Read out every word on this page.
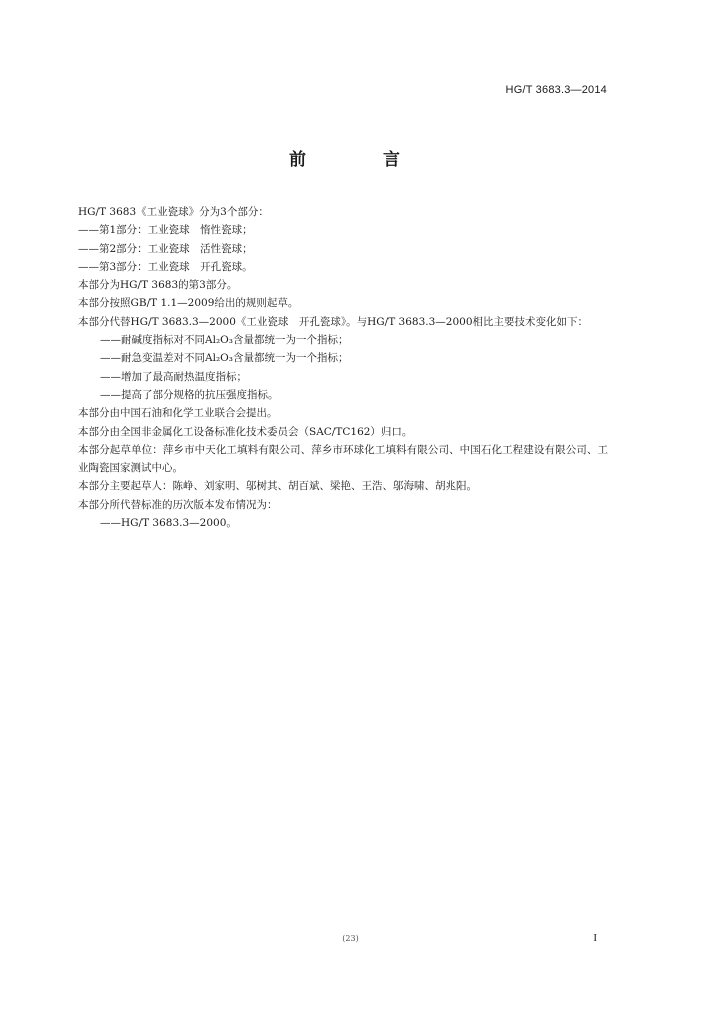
HG/T 3683.3—2014
前　言

HG/T 3683《工业瓷球》分为3个部分：

——第1部分：工业瓷球　惰性瓷球；

——第2部分：工业瓷球　活性瓷球；

——第3部分：工业瓷球　开孔瓷球。

本部分为HG/T 3683的第3部分。

本部分按照GB/T 1.1—2009给出的规则起草。

本部分代替HG/T 3683.3—2000《工业瓷球　开孔瓷球》。与HG/T 3683.3—2000相比主要技术变化如下：

——耐碱度指标对不同Al₂O₃含量都统一为一个指标；

——耐急变温差对不同Al₂O₃含量都统一为一个指标；

——增加了最高耐热温度指标；

——提高了部分规格的抗压强度指标。

本部分由中国石油和化学工业联合会提出。

本部分由全国非金属化工设备标准化技术委员会（SAC/TC162）归口。

本部分起草单位：萍乡市中天化工填料有限公司、萍乡市环球化工填料有限公司、中国石化工程建设有限公司、工业陶瓷国家测试中心。

本部分主要起草人：陈峥、刘家明、邬树其、胡百斌、梁艳、王浩、邬海啸、胡兆阳。

本部分所代替标准的历次版本发布情况为：

——HG/T 3683.3—2000。

(23)	I
